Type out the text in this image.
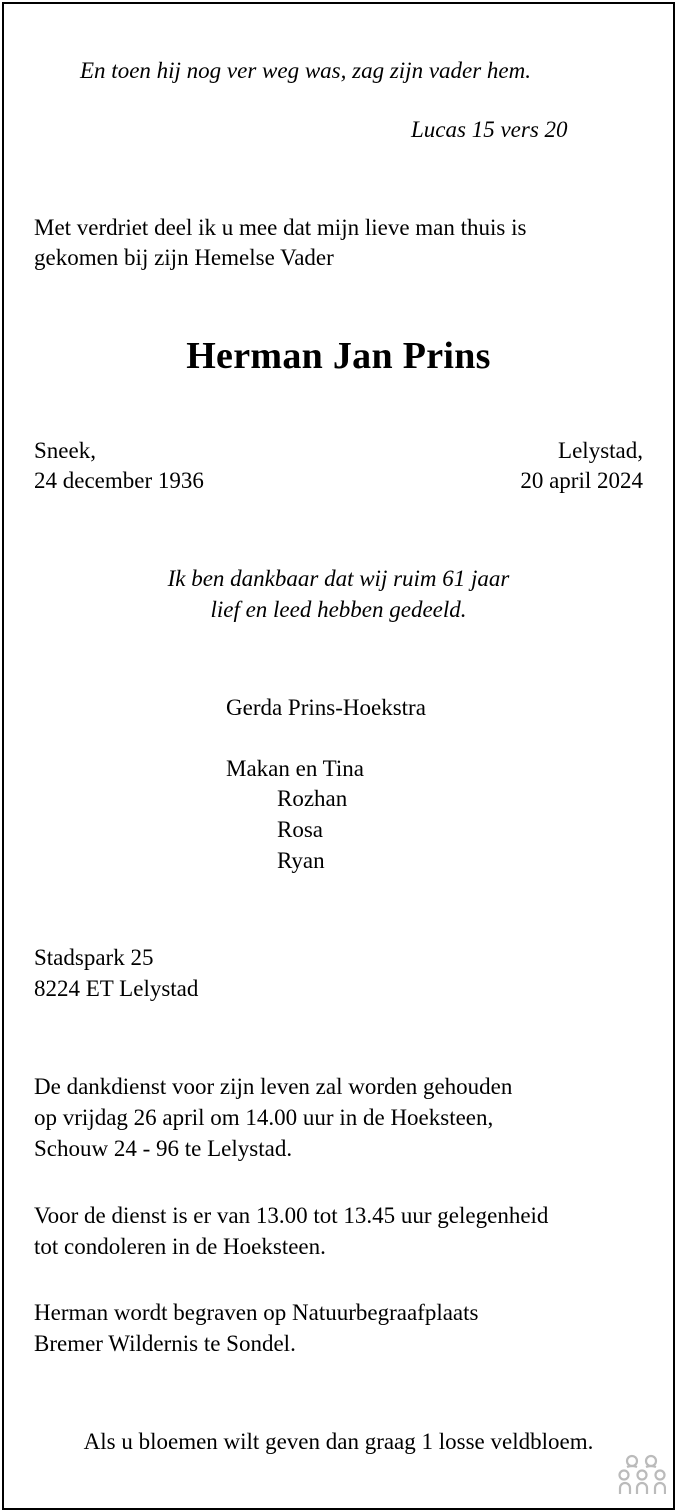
En toen hij nog ver weg was, zag zijn vader hem.
Lucas 15 vers 20
Met verdriet deel ik u mee dat mijn lieve man thuis is
gekomen bij zijn Hemelse Vader
Herman Jan Prins
Sneek,
24 december 1936
Lelystad,
20 april 2024
Ik ben dankbaar dat wij ruim 61 jaar
lief en leed hebben gedeeld.
Gerda Prins-Hoekstra
Makan en Tina
Rozhan
Rosa
Ryan
Stadspark 25
8224 ET Lelystad
De dankdienst voor zijn leven zal worden gehouden
op vrijdag 26 april om 14.00 uur in de Hoeksteen,
Schouw 24 - 96 te Lelystad.
Voor de dienst is er van 13.00 tot 13.45 uur gelegenheid
tot condoleren in de Hoeksteen.
Herman wordt begraven op Natuurbegraafplaats
Bremer Wildernis te Sondel.
Als u bloemen wilt geven dan graag 1 losse veldbloem.
